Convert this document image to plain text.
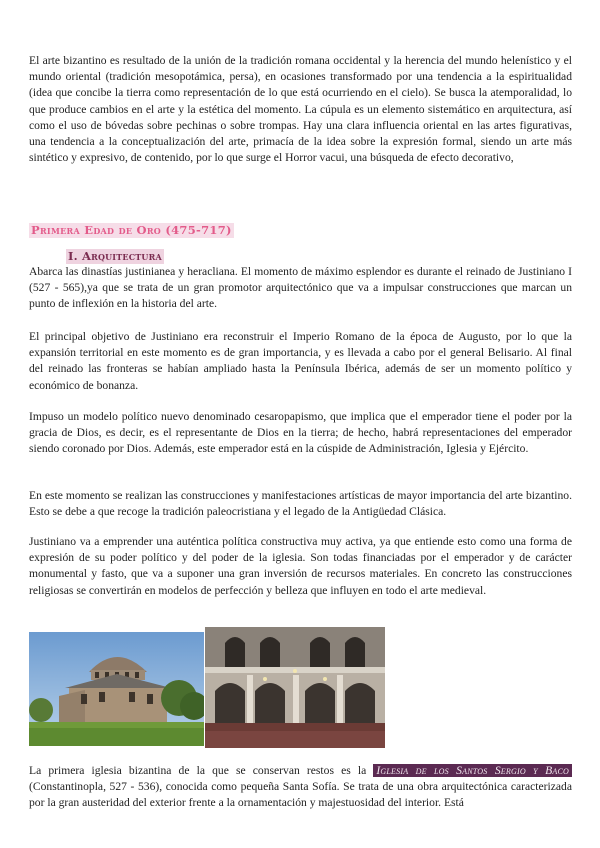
El arte bizantino es resultado de la unión de la tradición romana occidental y la herencia del mundo helenístico y el mundo oriental (tradición mesopotámica, persa), en ocasiones transformado por una tendencia a la espiritualidad (idea que concibe la tierra como representación de lo que está ocurriendo en el cielo). Se busca la atemporalidad, lo que produce cambios en el arte y la estética del momento. La cúpula es un elemento sistemático en arquitectura, así como el uso de bóvedas sobre pechinas o sobre trompas. Hay una clara influencia oriental en las artes figurativas, una tendencia a la conceptualización del arte, primacía de la idea sobre la expresión formal, siendo un arte más sintético y expresivo, de contenido, por lo que surge el Horror vacui, una búsqueda de efecto decorativo,

Primera Edad de Oro (475-717)
I. Arquitectura

Abarca las dinastías justinianea y heracliana. El momento de máximo esplendor es durante el reinado de Justiniano I (527 - 565),ya que se trata de un gran promotor arquitectónico que va a impulsar construcciones que marcan un punto de inflexión en la historia del arte.

El principal objetivo de Justiniano era reconstruir el Imperio Romano de la época de Augusto, por lo que la expansión territorial en este momento es de gran importancia, y es llevada a cabo por el general Belisario. Al final del reinado las fronteras se habían ampliado hasta la Península Ibérica, además de ser un momento político y económico de bonanza.

Impuso un modelo político nuevo denominado cesaropapismo, que implica que el emperador tiene el poder por la gracia de Dios, es decir, es el representante de Dios en la tierra; de hecho, habrá representaciones del emperador siendo coronado por Dios. Además, este emperador está en la cúspide de Administración, Iglesia y Ejército.

En este momento se realizan las construcciones y manifestaciones artísticas de mayor importancia del arte bizantino. Esto se debe a que recoge la tradición paleocristiana y el legado de la Antigüedad Clásica.

Justiniano va a emprender una auténtica política constructiva muy activa, ya que entiende esto como una forma de expresión de su poder político y del poder de la iglesia. Son todas financiadas por el emperador y de carácter monumental y fasto, que va a suponer una gran inversión de recursos materiales. En concreto las construcciones religiosas se convertirán en modelos de perfección y belleza que influyen en todo el arte medieval.

La primera iglesia bizantina de la que se conservan restos es la Iglesia de los Santos Sergio y Baco (Constantinopla, 527 - 536), conocida como pequeña Santa Sofía. Se trata de una obra arquitectónica caracterizada por la gran austeridad del exterior frente a la ornamentación y majestuosidad del interior. Está
